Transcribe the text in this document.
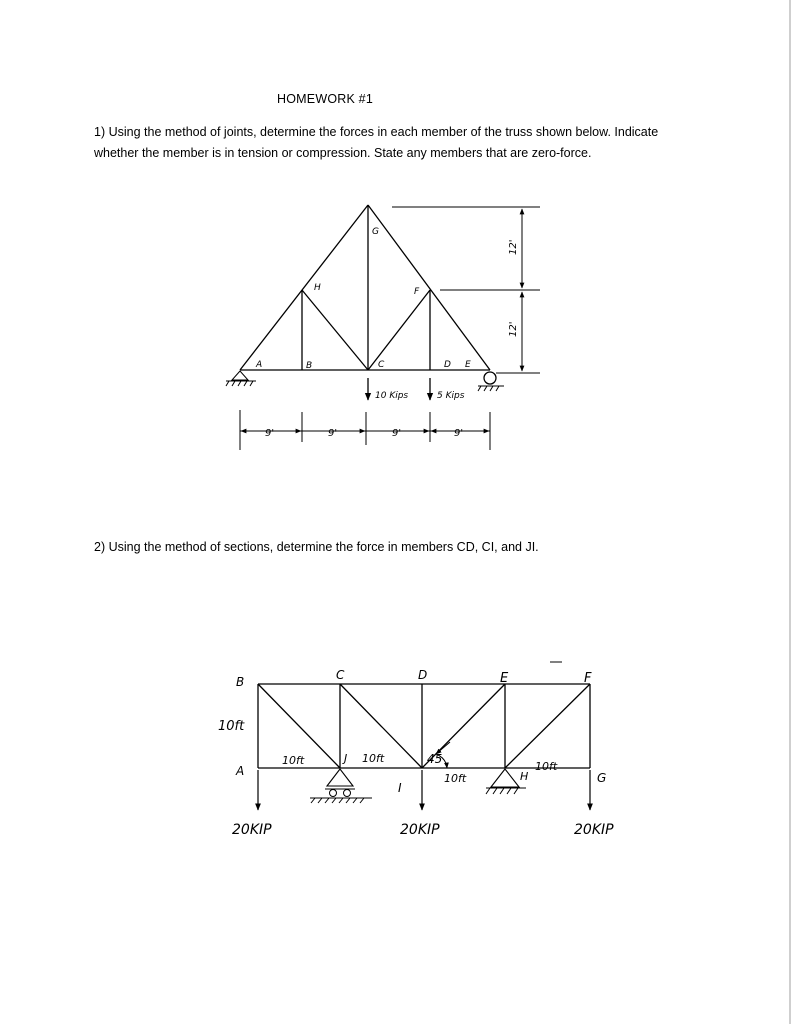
HOMEWORK #1
1) Using the method of joints, determine the forces in each member of the truss shown below. Indicate whether the member is in tension or compression. State any members that are zero-force.
2) Using the method of sections, determine the force in members CD, CI, and JI.
A	B	C	D E
F
G
H
10 Kips	5 Kips
12'
12'
9'	9'	9'	9'
B	C	D	E	F
A
J
I
H	G
10ft
10ft	10ft
10ft
10ft
45
20KIP	20KIP	20KIP
